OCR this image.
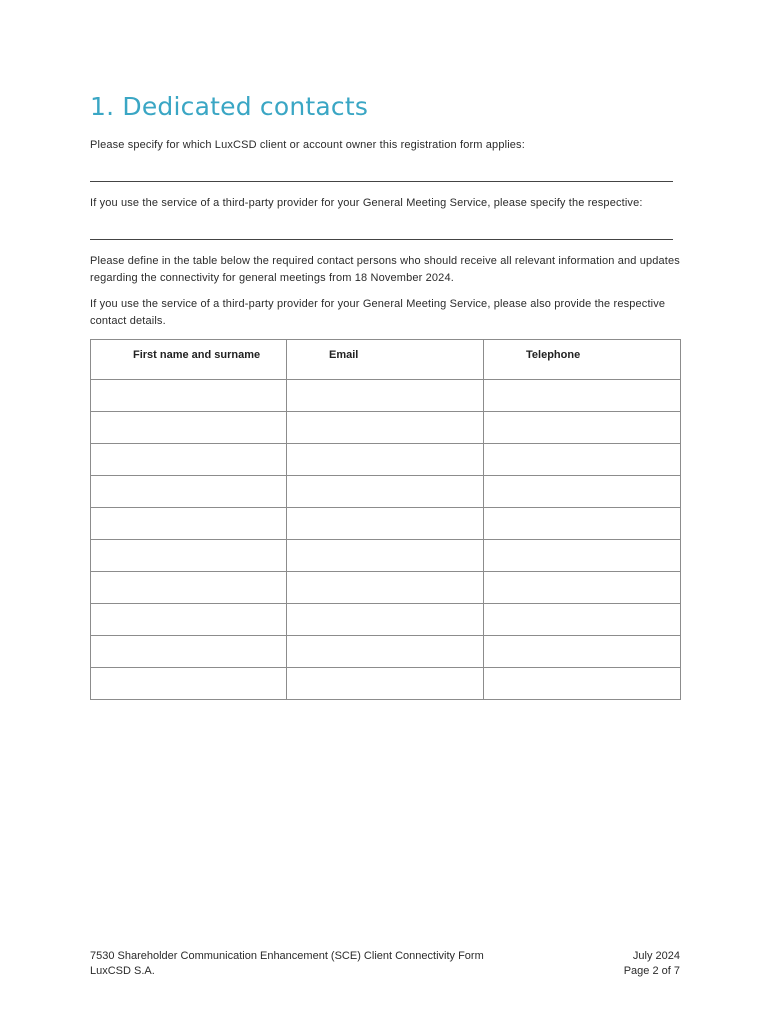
1. Dedicated contacts

Please specify for which LuxCSD client or account owner this registration form applies:

If you use the service of a third-party provider for your General Meeting Service, please specify the respective:

Please define in the table below the required contact persons who should receive all relevant information and updates regarding the connectivity for general meetings from 18 November 2024.

If you use the service of a third-party provider for your General Meeting Service, please also provide the respective contact details.

First name and surname	Email	Telephone

7530 Shareholder Communication Enhancement (SCE) Client Connectivity Form
LuxCSD S.A.
July 2024
Page 2 of 7
